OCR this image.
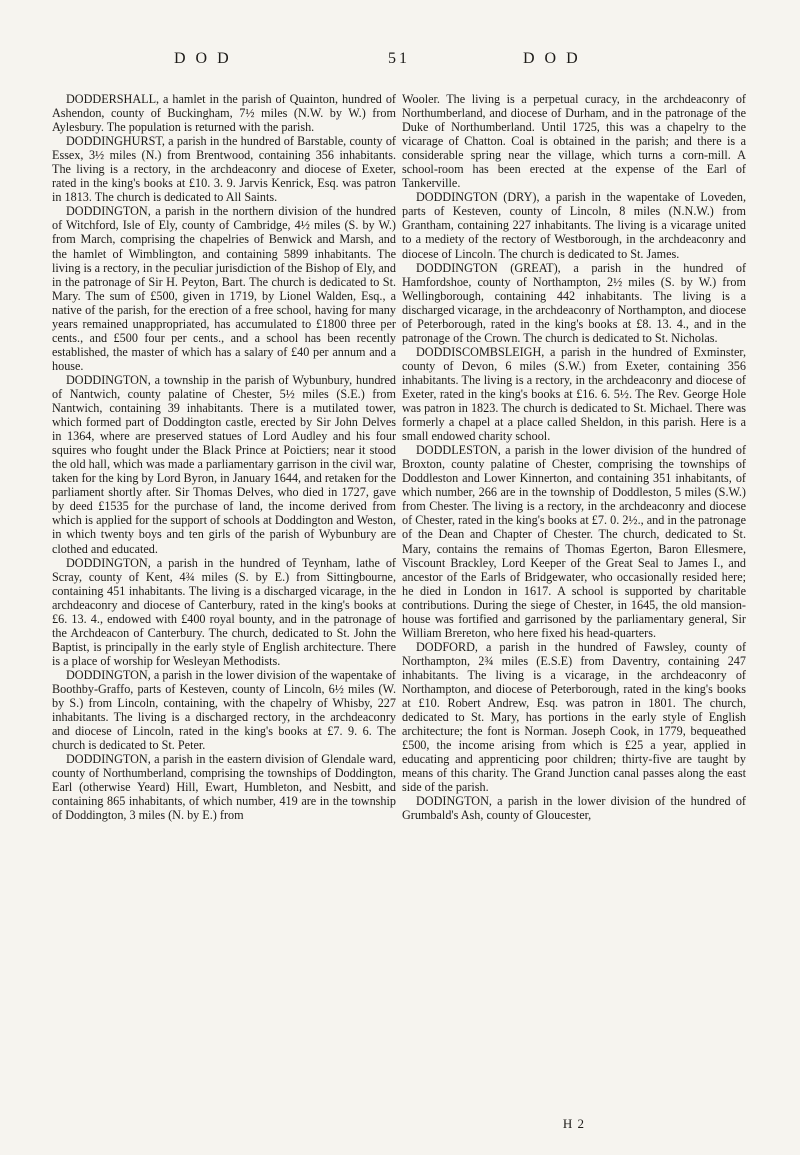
D O D	51	D O D

DODDERSHALL, a hamlet in the parish of Quainton, hundred of Ashendon, county of Buckingham, 7½ miles (N.W. by W.) from Aylesbury. The population is returned with the parish.

DODDINGHURST, a parish in the hundred of Barstable, county of Essex, 3½ miles (N.) from Brentwood, containing 356 inhabitants. The living is a rectory, in the archdeaconry and diocese of Exeter, rated in the king's books at £10. 3. 9. Jarvis Kenrick, Esq. was patron in 1813. The church is dedicated to All Saints.

DODDINGTON, a parish in the northern division of the hundred of Witchford, Isle of Ely, county of Cambridge, 4½ miles (S. by W.) from March, comprising the chapelries of Benwick and Marsh, and the hamlet of Wimblington, and containing 5899 inhabitants. The living is a rectory, in the peculiar jurisdiction of the Bishop of Ely, and in the patronage of Sir H. Peyton, Bart. The church is dedicated to St. Mary. The sum of £500, given in 1719, by Lionel Walden, Esq., a native of the parish, for the erection of a free school, having for many years remained unappropriated, has accumulated to £1800 three per cents., and £500 four per cents., and a school has been recently established, the master of which has a salary of £40 per annum and a house.

DODDINGTON, a township in the parish of Wybunbury, hundred of Nantwich, county palatine of Chester, 5½ miles (S.E.) from Nantwich, containing 39 inhabitants. There is a mutilated tower, which formed part of Doddington castle, erected by Sir John Delves in 1364, where are preserved statues of Lord Audley and his four squires who fought under the Black Prince at Poictiers; near it stood the old hall, which was made a parliamentary garrison in the civil war, taken for the king by Lord Byron, in January 1644, and retaken for the parliament shortly after. Sir Thomas Delves, who died in 1727, gave by deed £1535 for the purchase of land, the income derived from which is applied for the support of schools at Doddington and Weston, in which twenty boys and ten girls of the parish of Wybunbury are clothed and educated.

DODDINGTON, a parish in the hundred of Teynham, lathe of Scray, county of Kent, 4¾ miles (S. by E.) from Sittingbourne, containing 451 inhabitants. The living is a discharged vicarage, in the archdeaconry and diocese of Canterbury, rated in the king's books at £6. 13. 4., endowed with £400 royal bounty, and in the patronage of the Archdeacon of Canterbury. The church, dedicated to St. John the Baptist, is principally in the early style of English architecture. There is a place of worship for Wesleyan Methodists.

DODDINGTON, a parish in the lower division of the wapentake of Boothby-Graffo, parts of Kesteven, county of Lincoln, 6½ miles (W. by S.) from Lincoln, containing, with the chapelry of Whisby, 227 inhabitants. The living is a discharged rectory, in the archdeaconry and diocese of Lincoln, rated in the king's books at £7. 9. 6. The church is dedicated to St. Peter.

DODDINGTON, a parish in the eastern division of Glendale ward, county of Northumberland, comprising the townships of Doddington, Earl (otherwise Yeard) Hill, Ewart, Humbleton, and Nesbitt, and containing 865 inhabitants, of which number, 419 are in the township of Doddington, 3 miles (N. by E.) from

Wooler. The living is a perpetual curacy, in the archdeaconry of Northumberland, and diocese of Durham, and in the patronage of the Duke of Northumberland. Until 1725, this was a chapelry to the vicarage of Chatton. Coal is obtained in the parish; and there is a considerable spring near the village, which turns a corn-mill. A school-room has been erected at the expense of the Earl of Tankerville.

DODDINGTON (DRY), a parish in the wapentake of Loveden, parts of Kesteven, county of Lincoln, 8 miles (N.N.W.) from Grantham, containing 227 inhabitants. The living is a vicarage united to a mediety of the rectory of Westborough, in the archdeaconry and diocese of Lincoln. The church is dedicated to St. James.

DODDINGTON (GREAT), a parish in the hundred of Hamfordshoe, county of Northampton, 2½ miles (S. by W.) from Wellingborough, containing 442 inhabitants. The living is a discharged vicarage, in the archdeaconry of Northampton, and diocese of Peterborough, rated in the king's books at £8. 13. 4., and in the patronage of the Crown. The church is dedicated to St. Nicholas.

DODDISCOMBSLEIGH, a parish in the hundred of Exminster, county of Devon, 6 miles (S.W.) from Exeter, containing 356 inhabitants. The living is a rectory, in the archdeaconry and diocese of Exeter, rated in the king's books at £16. 6. 5½. The Rev. George Hole was patron in 1823. The church is dedicated to St. Michael. There was formerly a chapel at a place called Sheldon, in this parish. Here is a small endowed charity school.

DODDLESTON, a parish in the lower division of the hundred of Broxton, county palatine of Chester, comprising the townships of Doddleston and Lower Kinnerton, and containing 351 inhabitants, of which number, 266 are in the township of Doddleston, 5 miles (S.W.) from Chester. The living is a rectory, in the archdeaconry and diocese of Chester, rated in the king's books at £7. 0. 2½., and in the patronage of the Dean and Chapter of Chester. The church, dedicated to St. Mary, contains the remains of Thomas Egerton, Baron Ellesmere, Viscount Brackley, Lord Keeper of the Great Seal to James I., and ancestor of the Earls of Bridgewater, who occasionally resided here; he died in London in 1617. A school is supported by charitable contributions. During the siege of Chester, in 1645, the old mansion-house was fortified and garrisoned by the parliamentary general, Sir William Brereton, who here fixed his head-quarters.

DODFORD, a parish in the hundred of Fawsley, county of Northampton, 2¾ miles (E.S.E) from Daventry, containing 247 inhabitants. The living is a vicarage, in the archdeaconry of Northampton, and diocese of Peterborough, rated in the king's books at £10. Robert Andrew, Esq. was patron in 1801. The church, dedicated to St. Mary, has portions in the early style of English architecture; the font is Norman. Joseph Cook, in 1779, bequeathed £500, the income arising from which is £25 a year, applied in educating and apprenticing poor children; thirty-five are taught by means of this charity. The Grand Junction canal passes along the east side of the parish.

DODINGTON, a parish in the lower division of the hundred of Grumbald's Ash, county of Gloucester,

H 2
